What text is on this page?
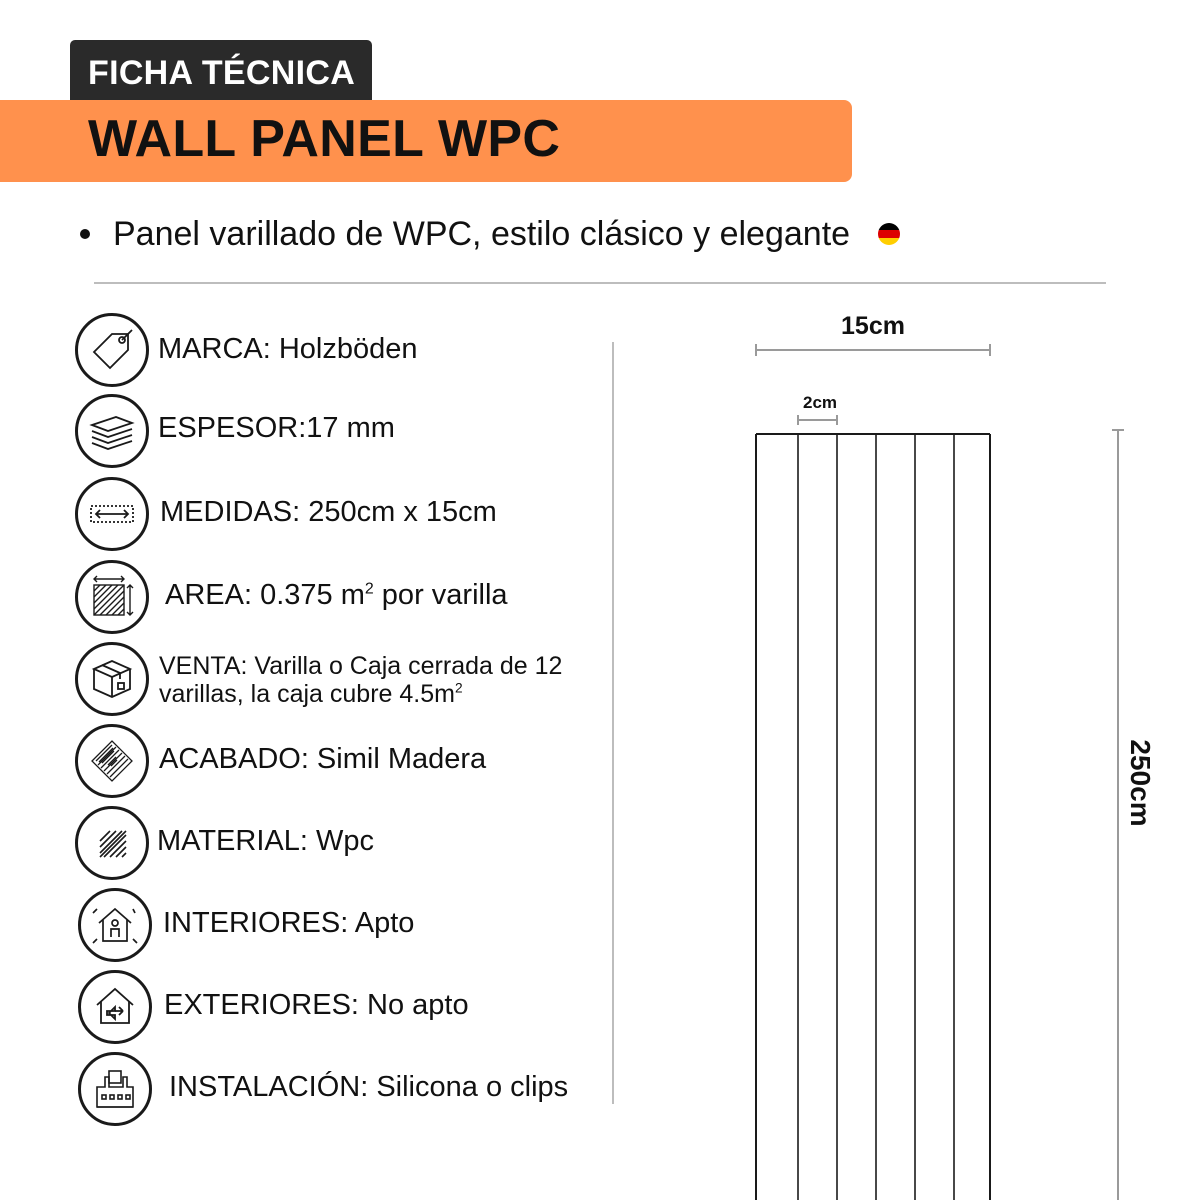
FICHA TÉCNICA
WALL PANEL WPC
Panel varillado de WPC, estilo clásico y elegante
MARCA: Holzböden
ESPESOR:17 mm
MEDIDAS: 250cm x 15cm
AREA: 0.375 $m^2$ por varilla
VENTA: Varilla o Caja cerrada de 12
varillas, la caja cubre $4.5m^2$
ACABADO: Simil Madera
MATERIAL: Wpc
INTERIORES: Apto
EXTERIORES: No apto
INSTALACIÓN: Silicona o clips
15cm
2cm
250cm
